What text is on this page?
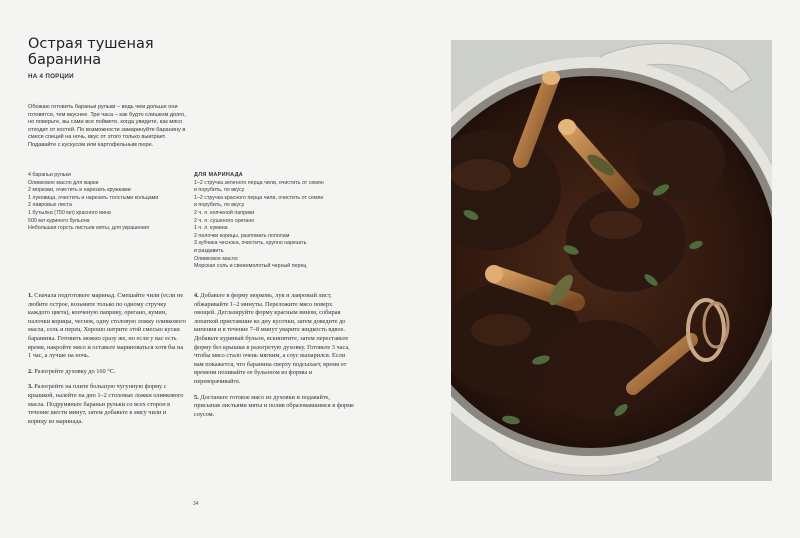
Острая тушеная баранина
НА 4 ПОРЦИИ

Обожаю готовить бараньи рульки – ведь чем дольше они готовятся, тем вкуснее. Три часа – как будто слишком долго, но поверьте, вы сами все поймете, когда увидите, как мясо отходит от костей. По возможности замаринуйте баранину в смеси специй на ночь, вкус от этого только выиграет. Подавайте с кускусом или картофельным пюре.

4 бараньи рульки
Оливковое масло для жарки
2 моркови, очистить и нарезать кружками
1 луковица, очистить и нарезать толстыми кольцами
2 лавровых листа
1 бутылка (750 мл) красного вина
500 мл куриного бульона
Небольшая горсть листьев мяты, для украшения
ДЛЯ МАРИНАДА
1–2 стручка зеленого перца чили, очистить от семян
и порубить, по вкусу
1–2 стручка красного перца чили, очистить от семян
и порубить, по вкусу
2 ч. л. копченой паприки
2 ч. л. сушеного орегано
1 ч. л. кумина
2 палочки корицы, разломать пополам
3 зубчика чеснока, очистить, крупно нарезать
и раздавить
Оливковое масло
Морская соль и свежемолотый черный перец

1. Сначала подготовьте маринад. Смешайте чили (если не любите острое, возьмите только по одному стручку каждого цвета), копченую паприку, орегано, кумин, палочки корицы, чеснок, одну столовую ложку оливкового масла, соль и перец. Хорошо натрите этой смесью куски баранины. Готовить можно сразу же, но если у вас есть время, накройте мясо и оставьте мариноваться хотя бы на 1 час, а лучше на ночь.

2. Разогрейте духовку до 160 °С.

3. Разогрейте на плите большую чугунную форму с крышкой, налейте на дно 1–2 столовые ложки оливкового масла. Подрумяньте бараньи рульки со всех сторон в течение шести минут, затем добавьте к мясу чили и корицу из маринада.

4. Добавьте в форму морковь, лук и лавровый лист, обжаривайте 1–2 минуты. Переложите мясо поверх овощей. Деглазируйте форму красным вином, собирая лопаткой приставшие ко дну кусочки, затем доведите до кипения и в течение 7–8 минут уварите жидкость вдвое. Добавьте куриный бульон, вскипятите, затем переставьте форму без крышки в разогретую духовку. Готовьте 3 часа, чтобы мясо стало очень мягким, а соус выпарился. Если вам покажется, что баранина сверху подсыхает, время от времени поливайте ее бульоном из формы и переворачивайте.

5. Достаньте готовое мясо из духовки и подавайте, присыпав листьями мяты и полив образовавшимся в форме соусом.

34
